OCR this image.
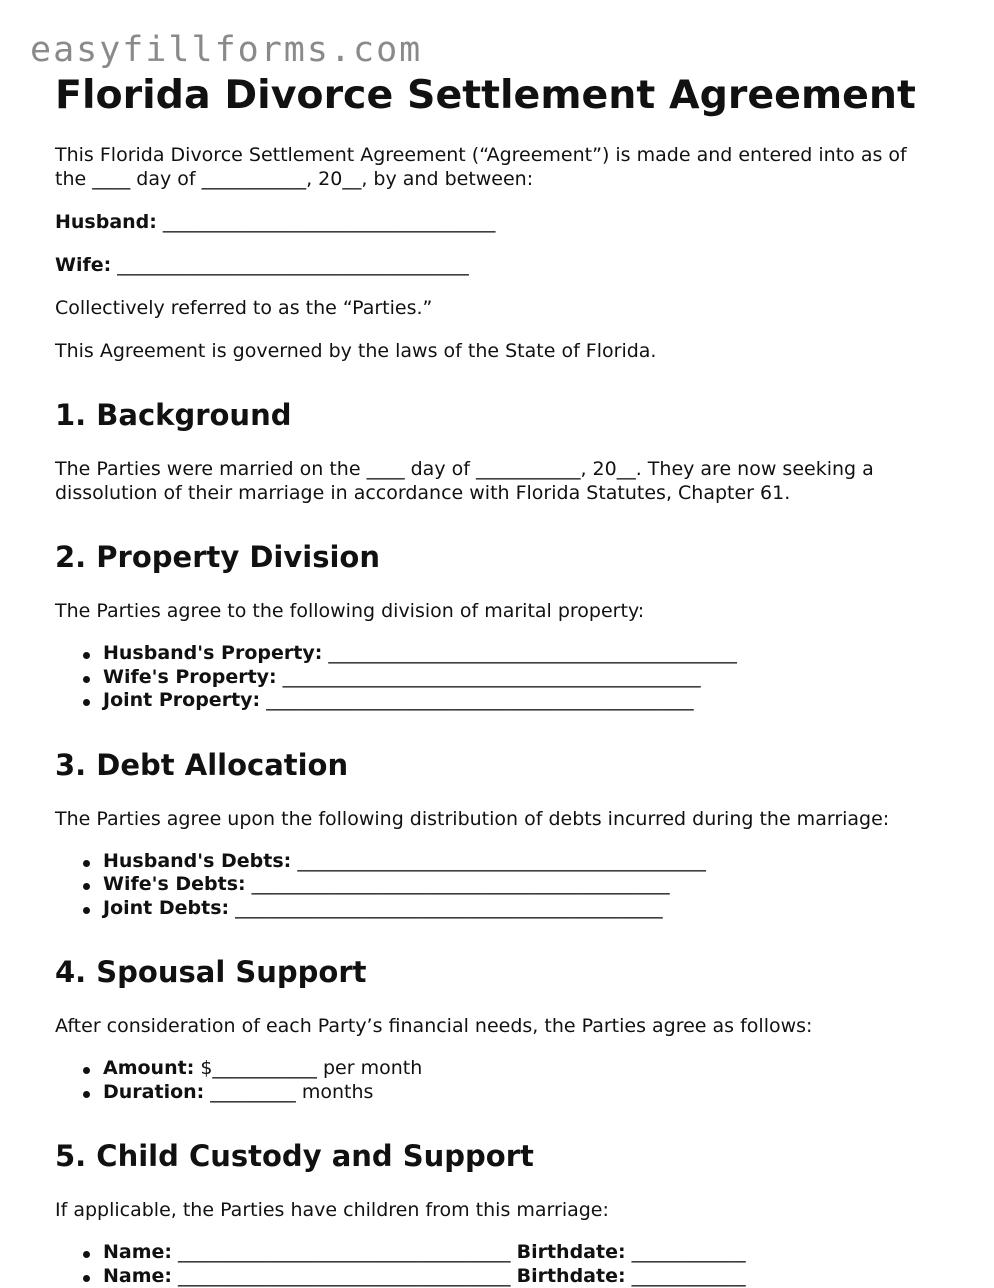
easyfillforms.com
Florida Divorce Settlement Agreement

This Florida Divorce Settlement Agreement (“Agreement”) is made and entered into as of
the ____ day of ___________, 20__, by and between:

Husband: ___________________________________

Wife: _____________________________________

Collectively referred to as the “Parties.”

This Agreement is governed by the laws of the State of Florida.

1. Background

The Parties were married on the ____ day of ___________, 20__. They are now seeking a
dissolution of their marriage in accordance with Florida Statutes, Chapter 61.

2. Property Division

The Parties agree to the following division of marital property:

Husband's Property: ___________________________________________
Wife's Property: ____________________________________________
Joint Property: _____________________________________________
3. Debt Allocation

The Parties agree upon the following distribution of debts incurred during the marriage:

Husband's Debts: ___________________________________________
Wife's Debts: ____________________________________________
Joint Debts: _____________________________________________
4. Spousal Support

After consideration of each Party’s financial needs, the Parties agree as follows:

Amount: $___________ per month
Duration: _________ months
5. Child Custody and Support

If applicable, the Parties have children from this marriage:

Name: ___________________________________ Birthdate: ____________
Name: ___________________________________ Birthdate: ____________
